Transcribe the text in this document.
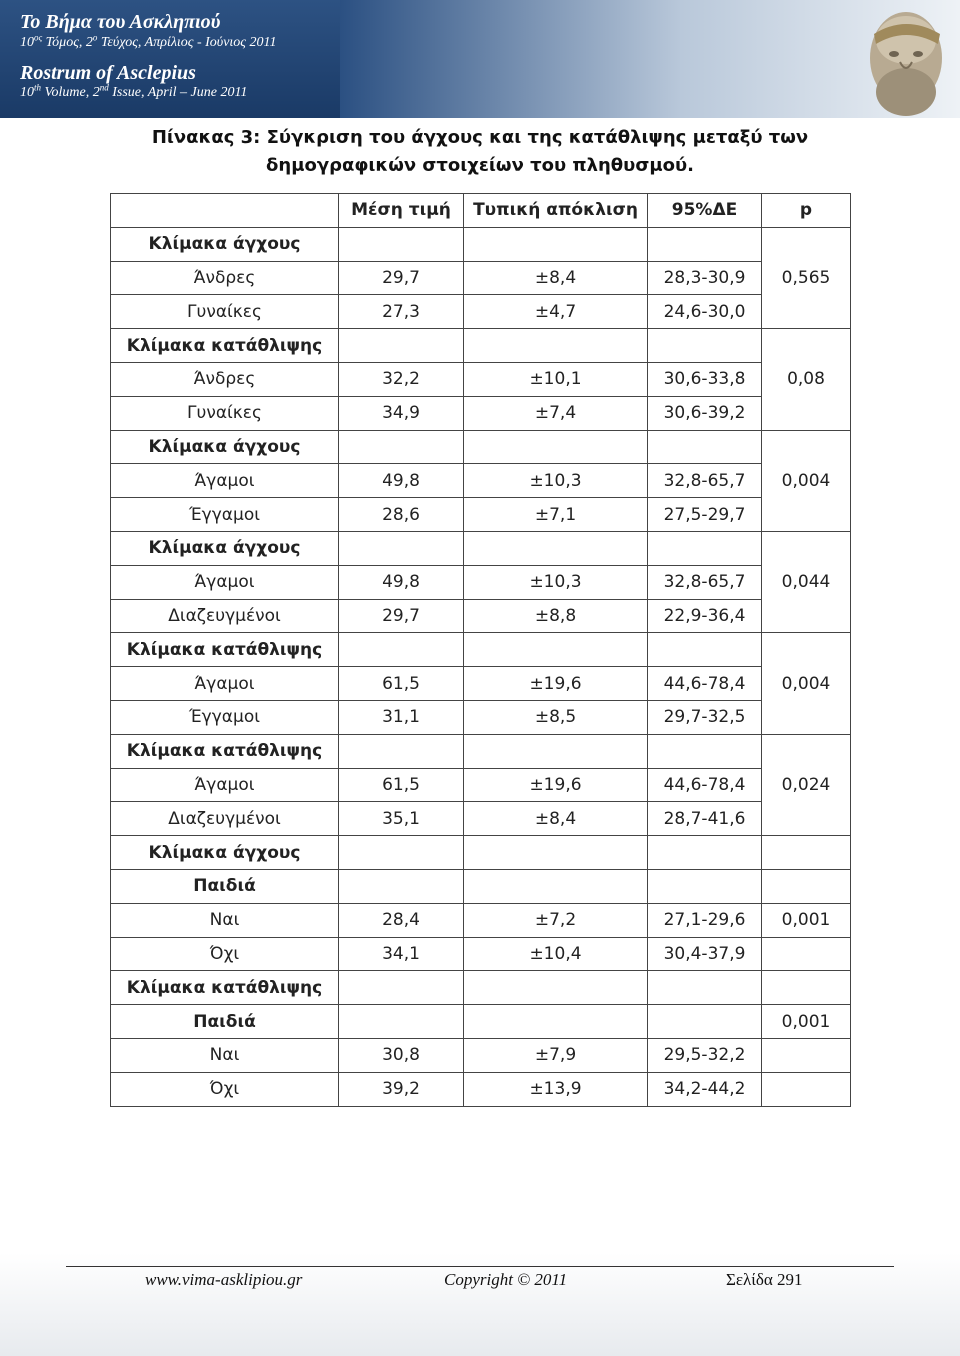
Το Βήμα του Ασκληπιού
$10^{o\varsigma}$ Τόμος, $2^o$ Τεύχος, Απρίλιος - Ιούνιος 2011
Rostrum of Asclepius
10th Volume, 2nd Issue, April – June 2011
Πίνακας 3: Σύγκριση του άγχους και της κατάθλιψης μεταξύ των δημογραφικών στοιχείων του πληθυσμού.
	Μέση τιμή	Τυπική απόκλιση	95%ΔΕ	p
Κλίμακα άγχους				0,565
Άνδρες	29,7	±8,4	28,3-30,9	
Γυναίκες	27,3	±4,7	24,6-30,0	
Κλίμακα κατάθλιψης				0,08
Άνδρες	32,2	±10,1	30,6-33,8	
Γυναίκες	34,9	±7,4	30,6-39,2	
Κλίμακα άγχους				0,004
Άγαμοι	49,8	±10,3	32,8-65,7	
Έγγαμοι	28,6	±7,1	27,5-29,7	
Κλίμακα άγχους				0,044
Άγαμοι	49,8	±10,3	32,8-65,7	
Διαζευγμένοι	29,7	±8,8	22,9-36,4	
Κλίμακα κατάθλιψης				0,004
Άγαμοι	61,5	±19,6	44,6-78,4	
Έγγαμοι	31,1	±8,5	29,7-32,5	
Κλίμακα κατάθλιψης				0,024
Άγαμοι	61,5	±19,6	44,6-78,4	
Διαζευγμένοι	35,1	±8,4	28,7-41,6	
Κλίμακα άγχους				
Παιδιά				
Ναι	28,4	±7,2	27,1-29,6	0,001
Όχι	34,1	±10,4	30,4-37,9	
Κλίμακα κατάθλιψης				
Παιδιά				0,001
Ναι	30,8	±7,9	29,5-32,2	
Όχι	39,2	±13,9	34,2-44,2	
www.vima-asklipiou.gr	Copyright © 2011	Σελίδα 291
